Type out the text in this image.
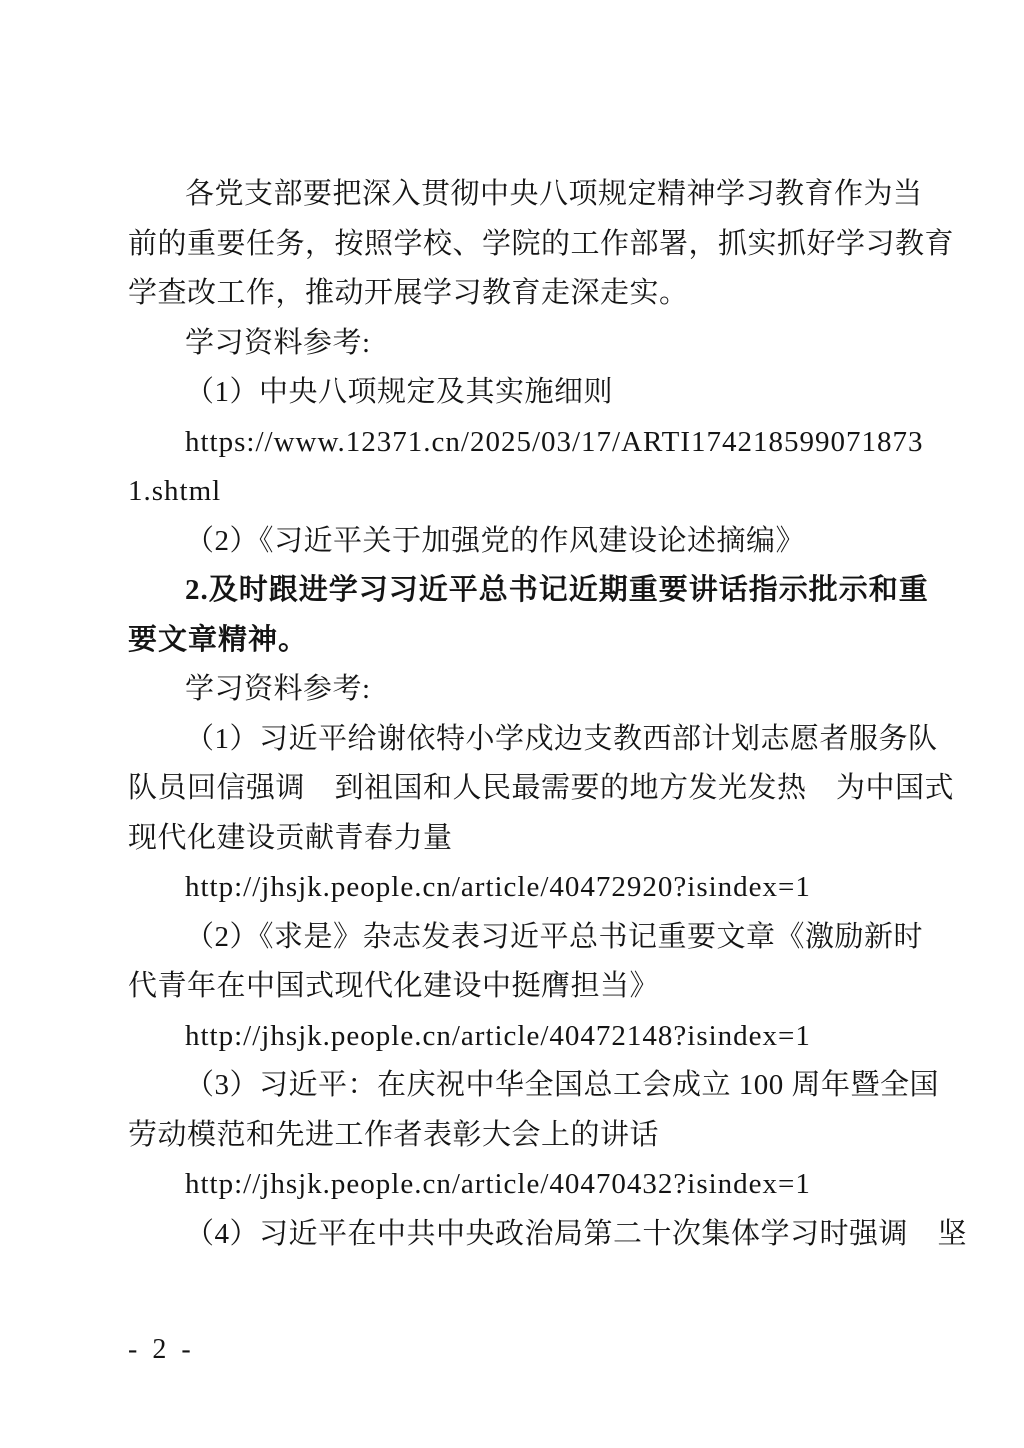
各党支部要把深入贯彻中央八项规定精神学习教育作为当
前的重要任务，按照学校、学院的工作部署，抓实抓好学习教育
学查改工作，推动开展学习教育走深走实。
学习资料参考:
（1）中央八项规定及其实施细则
https://www.12371.cn/2025/03/17/ARTI174218599071873
1.shtml
（2）《习近平关于加强党的作风建设论述摘编》
2.及时跟进学习习近平总书记近期重要讲话指示批示和重
要文章精神。
学习资料参考:
（1）习近平给谢依特小学戍边支教西部计划志愿者服务队
队员回信强调　到祖国和人民最需要的地方发光发热　为中国式
现代化建设贡献青春力量
http://jhsjk.people.cn/article/40472920?isindex=1
（2）《求是》杂志发表习近平总书记重要文章《激励新时
代青年在中国式现代化建设中挺膺担当》
http://jhsjk.people.cn/article/40472148?isindex=1
（3）习近平：在庆祝中华全国总工会成立 100 周年暨全国
劳动模范和先进工作者表彰大会上的讲话
http://jhsjk.people.cn/article/40470432?isindex=1
（4）习近平在中共中央政治局第二十次集体学习时强调　坚
- 2 -
